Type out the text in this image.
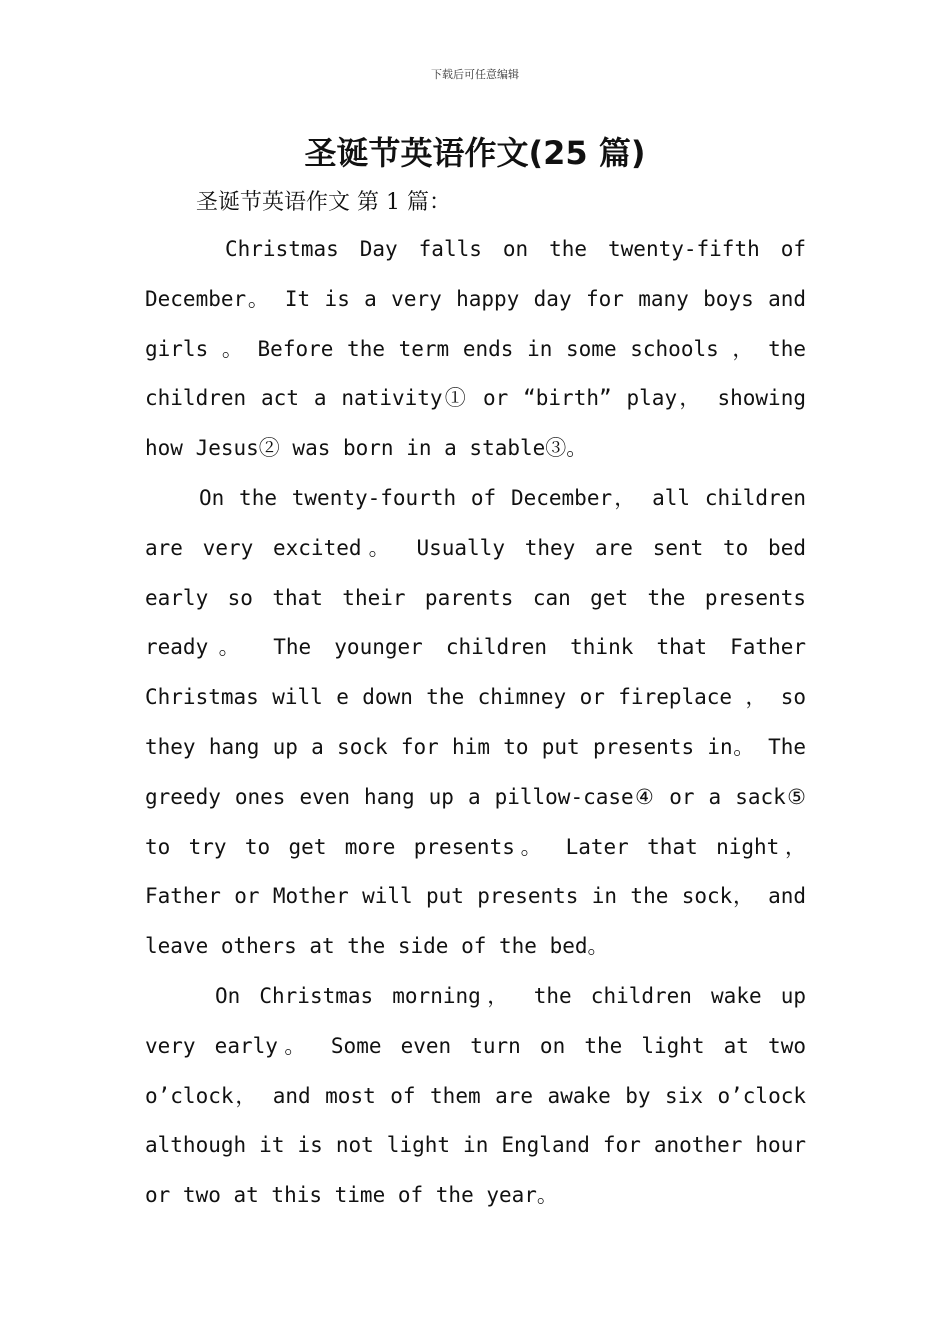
下载后可任意编辑
圣诞节英语作文(25 篇)
圣诞节英语作文 第 1 篇：

Christmas Day falls on the twenty-fifth of December。 It is a very happy day for many boys and girls 。 Before the term ends in some schools ， the children act a nativity① or “birth” play， showing how Jesus② was born in a stable③。

On the twenty-fourth of December， all children are very excited。 Usually they are sent to bed early so that their parents can get the presents ready。 The younger children think that Father Christmas will e down the chimney or fireplace ， so they hang up a sock for him to put presents in。 The greedy ones even hang up a pillow-case④ or a sack⑤ to try to get more presents。 Later that night， Father or Mother will put presents in the sock， and leave others at the side of the bed。

On Christmas morning， the children wake up very early。 Some even turn on the light at two o’clock， and most of them are awake by six o’clock although it is not light in England for another hour or two at this time of the year。
